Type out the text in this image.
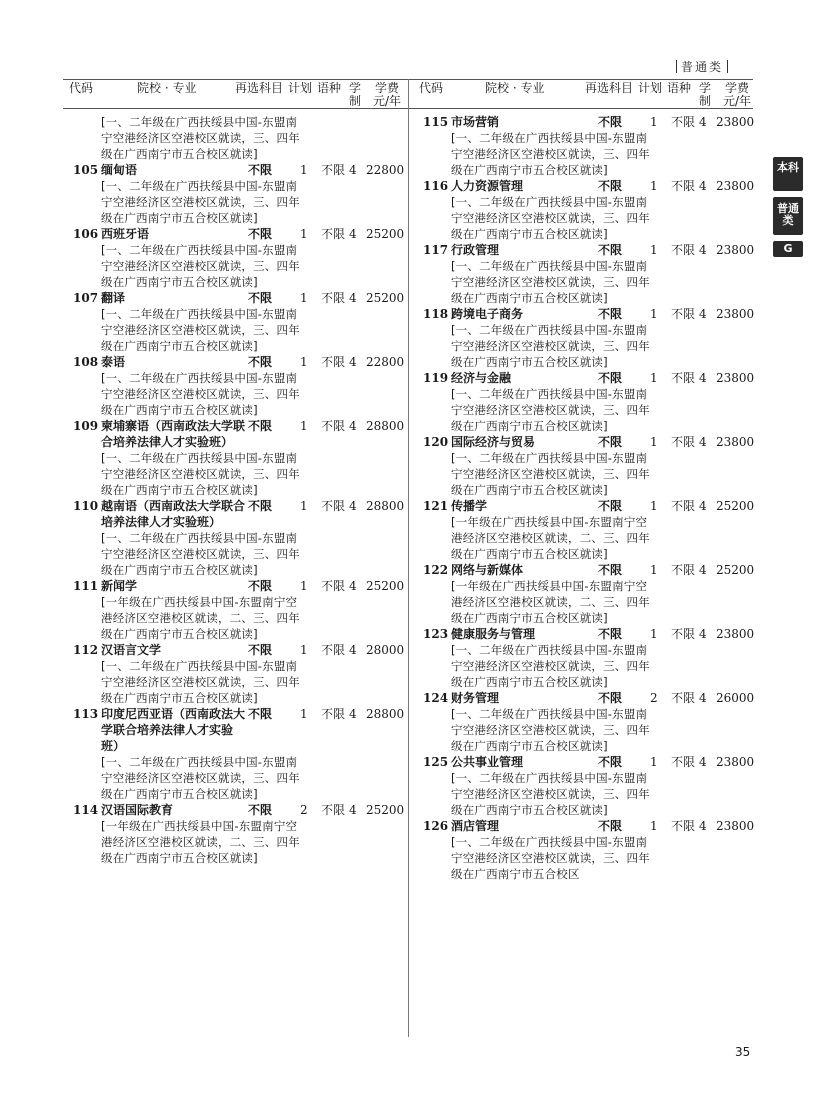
普通类
代码	院校 · 专业	再选科目 计划 语种 学制
学费元/年
代码	院校 · 专业	再选科目 计划 语种 学制
学费元/年
[一、二年级在广西扶绥县中国-东盟南宁空港经济区空港校区就读，三、四年级在广西南宁市五合校区就读]
105 缅甸语	不限 1 不限 4 22800
[一、二年级在广西扶绥县中国-东盟南宁空港经济区空港校区就读，三、四年级在广西南宁市五合校区就读]
106 西班牙语	不限 1 不限 4 25200
[一、二年级在广西扶绥县中国-东盟南宁空港经济区空港校区就读，三、四年级在广西南宁市五合校区就读]
107 翻译	不限 1 不限 4 25200
[一、二年级在广西扶绥县中国-东盟南宁空港经济区空港校区就读，三、四年级在广西南宁市五合校区就读]
108 泰语	不限 1 不限 4 22800
[一、二年级在广西扶绥县中国-东盟南宁空港经济区空港校区就读，三、四年级在广西南宁市五合校区就读]
109 柬埔寨语（西南政法大学联合培养法律人才实验班）
不限 1 不限 4 28800
[一、二年级在广西扶绥县中国-东盟南宁空港经济区空港校区就读，三、四年级在广西南宁市五合校区就读]
110 越南语（西南政法大学联合培养法律人才实验班）
不限 1 不限 4 28800
[一、二年级在广西扶绥县中国-东盟南宁空港经济区空港校区就读，三、四年级在广西南宁市五合校区就读]
111 新闻学	不限 1 不限 4 25200
[一年级在广西扶绥县中国-东盟南宁空港经济区空港校区就读，二、三、四年级在广西南宁市五合校区就读]
112 汉语言文学	不限 1 不限 4 28000
[一、二年级在广西扶绥县中国-东盟南宁空港经济区空港校区就读，三、四年级在广西南宁市五合校区就读]
113 印度尼西亚语（西南政法大学联合培养法律人才实验班）
不限 1 不限 4 28800
[一、二年级在广西扶绥县中国-东盟南宁空港经济区空港校区就读，三、四年级在广西南宁市五合校区就读]
114 汉语国际教育	不限 2 不限 4 25200
[一年级在广西扶绥县中国-东盟南宁空港经济区空港校区就读，二、三、四年级在广西南宁市五合校区就读]
115 市场营销	不限 1 不限 4 23800
[一、二年级在广西扶绥县中国-东盟南宁空港经济区空港校区就读，三、四年级在广西南宁市五合校区就读]
116 人力资源管理	不限 1 不限 4 23800
[一、二年级在广西扶绥县中国-东盟南宁空港经济区空港校区就读，三、四年级在广西南宁市五合校区就读]
117 行政管理	不限 1 不限 4 23800
[一、二年级在广西扶绥县中国-东盟南宁空港经济区空港校区就读，三、四年级在广西南宁市五合校区就读]
118 跨境电子商务	不限 1 不限 4 23800
[一、二年级在广西扶绥县中国-东盟南宁空港经济区空港校区就读，三、四年级在广西南宁市五合校区就读]
119 经济与金融	不限 1 不限 4 23800
[一、二年级在广西扶绥县中国-东盟南宁空港经济区空港校区就读，三、四年级在广西南宁市五合校区就读]
120 国际经济与贸易	不限 1 不限 4 23800
[一、二年级在广西扶绥县中国-东盟南宁空港经济区空港校区就读，三、四年级在广西南宁市五合校区就读]
121 传播学	不限 1 不限 4 25200
[一年级在广西扶绥县中国-东盟南宁空港经济区空港校区就读，二、三、四年级在广西南宁市五合校区就读]
122 网络与新媒体	不限 1 不限 4 25200
[一年级在广西扶绥县中国-东盟南宁空港经济区空港校区就读，二、三、四年级在广西南宁市五合校区就读]
123 健康服务与管理	不限 1 不限 4 23800
[一、二年级在广西扶绥县中国-东盟南宁空港经济区空港校区就读，三、四年级在广西南宁市五合校区就读]
124 财务管理	不限 2 不限 4 26000
[一、二年级在广西扶绥县中国-东盟南宁空港经济区空港校区就读，三、四年级在广西南宁市五合校区就读]
125 公共事业管理	不限 1 不限 4 23800
[一、二年级在广西扶绥县中国-东盟南宁空港经济区空港校区就读，三、四年级在广西南宁市五合校区就读]
126 酒店管理	不限 1 不限 4 23800
[一、二年级在广西扶绥县中国-东盟南宁空港经济区空港校区就读，三、四年级在广西南宁市五合校区
本科
普通类
G
35
